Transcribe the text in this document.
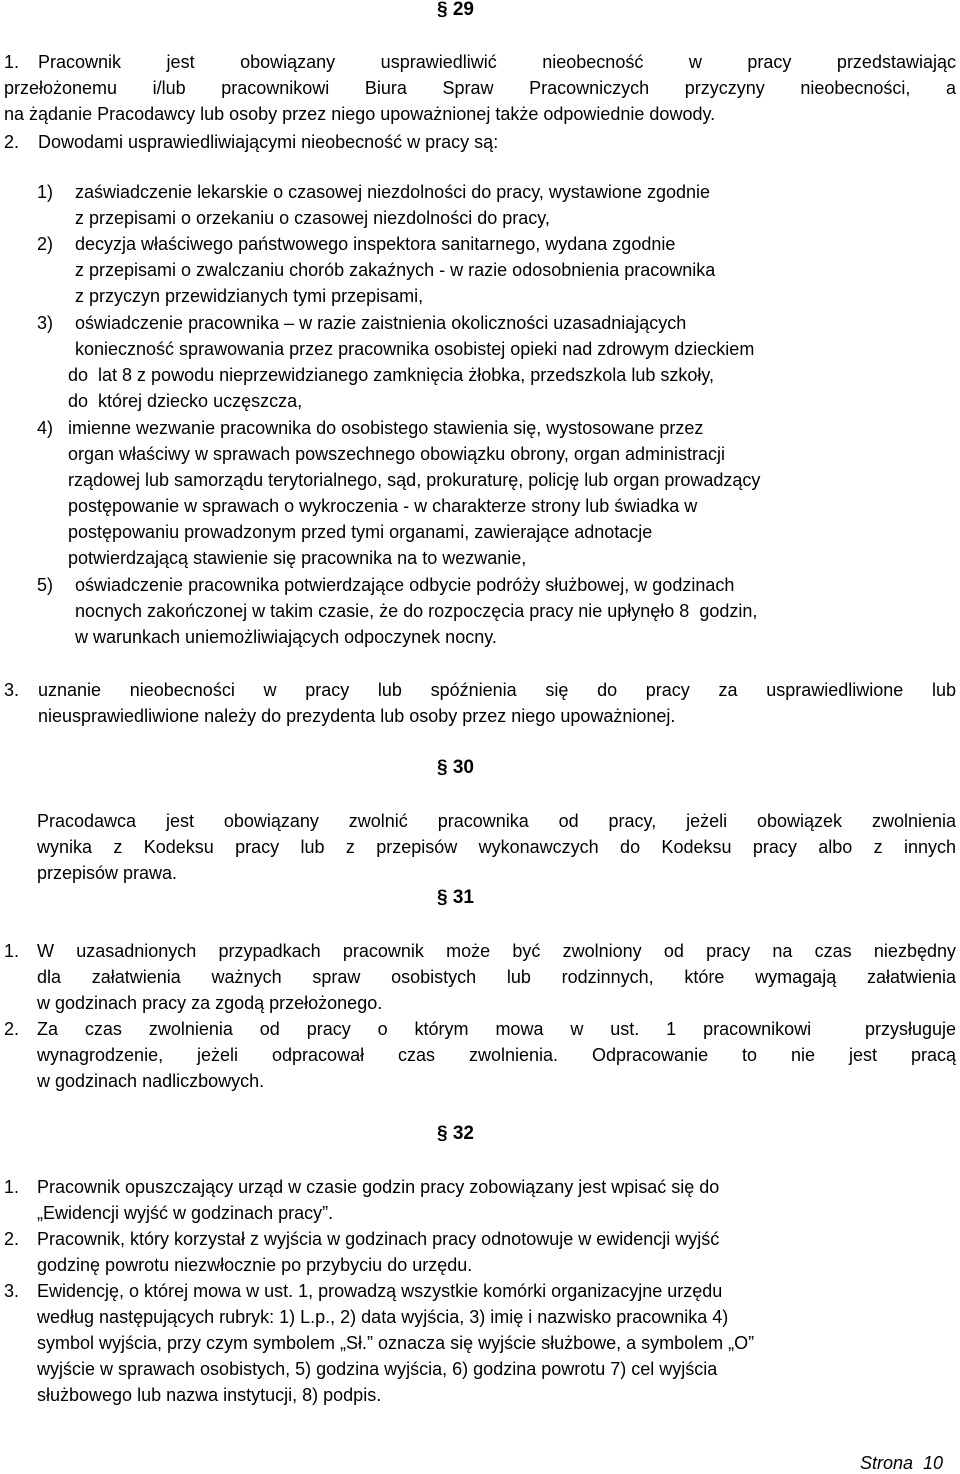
§ 29
1. Pracownik jest obowiązany usprawiedliwić nieobecność w pracy przedstawiając
przełożonemu i/lub pracownikowi Biura Spraw Pracowniczych przyczyny nieobecności, a
na żądanie Pracodawcy lub osoby przez niego upoważnionej także odpowiednie dowody.
2. Dowodami usprawiedliwiającymi nieobecność w pracy są:
1) zaświadczenie lekarskie o czasowej niezdolności do pracy, wystawione zgodnie
z przepisami o orzekaniu o czasowej niezdolności do pracy,
2) decyzja właściwego państwowego inspektora sanitarnego, wydana zgodnie
z przepisami o zwalczaniu chorób zakaźnych - w razie odosobnienia pracownika
z przyczyn przewidzianych tymi przepisami,
3) oświadczenie pracownika – w razie zaistnienia okoliczności uzasadniających
konieczność sprawowania przez pracownika osobistej opieki nad zdrowym dzieckiem
do  lat 8 z powodu nieprzewidzianego zamknięcia żłobka, przedszkola lub szkoły,
do  której dziecko uczęszcza,
4) imienne wezwanie pracownika do osobistego stawienia się, wystosowane przez
organ właściwy w sprawach powszechnego obowiązku obrony, organ administracji
rządowej lub samorządu terytorialnego, sąd, prokuraturę, policję lub organ prowadzący
postępowanie w sprawach o wykroczenia - w charakterze strony lub świadka w
postępowaniu prowadzonym przed tymi organami, zawierające adnotacje
potwierdzającą stawienie się pracownika na to wezwanie,
5) oświadczenie pracownika potwierdzające odbycie podróży służbowej, w godzinach
nocnych zakończonej w takim czasie, że do rozpoczęcia pracy nie upłynęło 8  godzin,
w warunkach uniemożliwiających odpoczynek nocny.
3. uznanie nieobecności w pracy lub spóźnienia się do pracy za usprawiedliwione lub
nieusprawiedliwione należy do prezydenta lub osoby przez niego upoważnionej.
§ 30
Pracodawca jest obowiązany zwolnić pracownika od pracy, jeżeli obowiązek zwolnienia
wynika z Kodeksu pracy lub z przepisów wykonawczych do Kodeksu pracy albo z innych
przepisów prawa.
§ 31
1. W uzasadnionych przypadkach pracownik może być zwolniony od pracy na czas niezbędny
dla załatwienia ważnych spraw osobistych lub rodzinnych, które wymagają załatwienia
w godzinach pracy za zgodą przełożonego.
2. Za czas zwolnienia od pracy o którym mowa w ust. 1 pracownikowi  przysługuje
wynagrodzenie, jeżeli odpracował czas zwolnienia. Odpracowanie to nie jest pracą
w godzinach nadliczbowych.
§ 32
1. Pracownik opuszczający urząd w czasie godzin pracy zobowiązany jest wpisać się do
„Ewidencji wyjść w godzinach pracy”.
2. Pracownik, który korzystał z wyjścia w godzinach pracy odnotowuje w ewidencji wyjść
godzinę powrotu niezwłocznie po przybyciu do urzędu.
3. Ewidencję, o której mowa w ust. 1, prowadzą wszystkie komórki organizacyjne urzędu
według następujących rubryk: 1) L.p., 2) data wyjścia, 3) imię i nazwisko pracownika 4)
symbol wyjścia, przy czym symbolem „Sł.” oznacza się wyjście służbowe, a symbolem „O”
wyjście w sprawach osobistych, 5) godzina wyjścia, 6) godzina powrotu 7) cel wyjścia
służbowego lub nazwa instytucji, 8) podpis.
Strona  10
